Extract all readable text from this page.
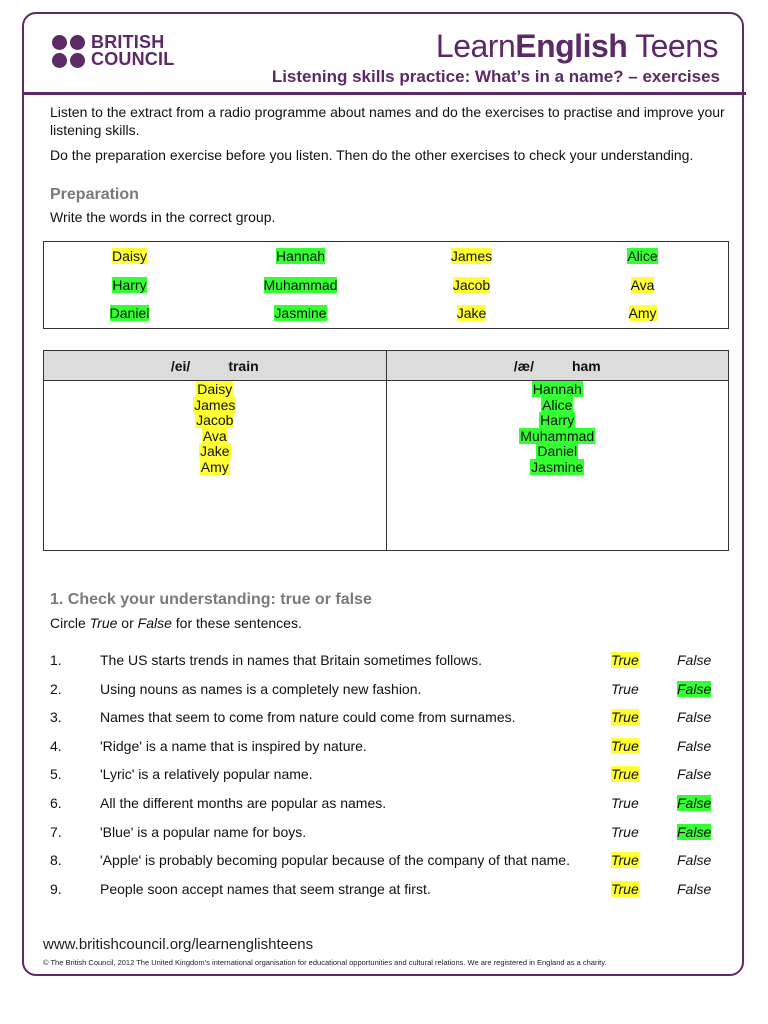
BRITISH
COUNCIL	LearnEnglish Teens
Listening skills practice: What’s in a name? – exercises

Listen to the extract from a radio programme about names and do the exercises to practise and improve your listening skills.

Do the preparation exercise before you listen. Then do the other exercises to check your understanding.

Preparation
Write the words in the correct group.
Daisy	Hannah	James	Alice
Harry	Muhammad	Jacob	Ava
Daniel	Jasmine	Jake	Amy
/ei/	train
Daisy
James
Jacob
Ava
Jake
Amy
/æ/	ham
Hannah
Alice
Harry
Muhammad
Daniel
Jasmine
1. Check your understanding: true or false
Circle True or False for these sentences.
1.	The US starts trends in names that Britain sometimes follows.	True	False
2.	Using nouns as names is a completely new fashion.	True	False
3.	Names that seem to come from nature could come from surnames.	True	False
4.	'Ridge' is a name that is inspired by nature.	True	False
5.	'Lyric' is a relatively popular name.	True	False
6.	All the different months are popular as names.	True	False
7.	'Blue' is a popular name for boys.	True	False
8.	'Apple' is probably becoming popular because of the company of that name.	True	False
9.	People soon accept names that seem strange at first.	True	False
www.britishcouncil.org/learnenglishteens
© The British Council, 2012 The United Kingdom’s international organisation for educational opportunities and cultural relations. We are registered in England as a charity.
